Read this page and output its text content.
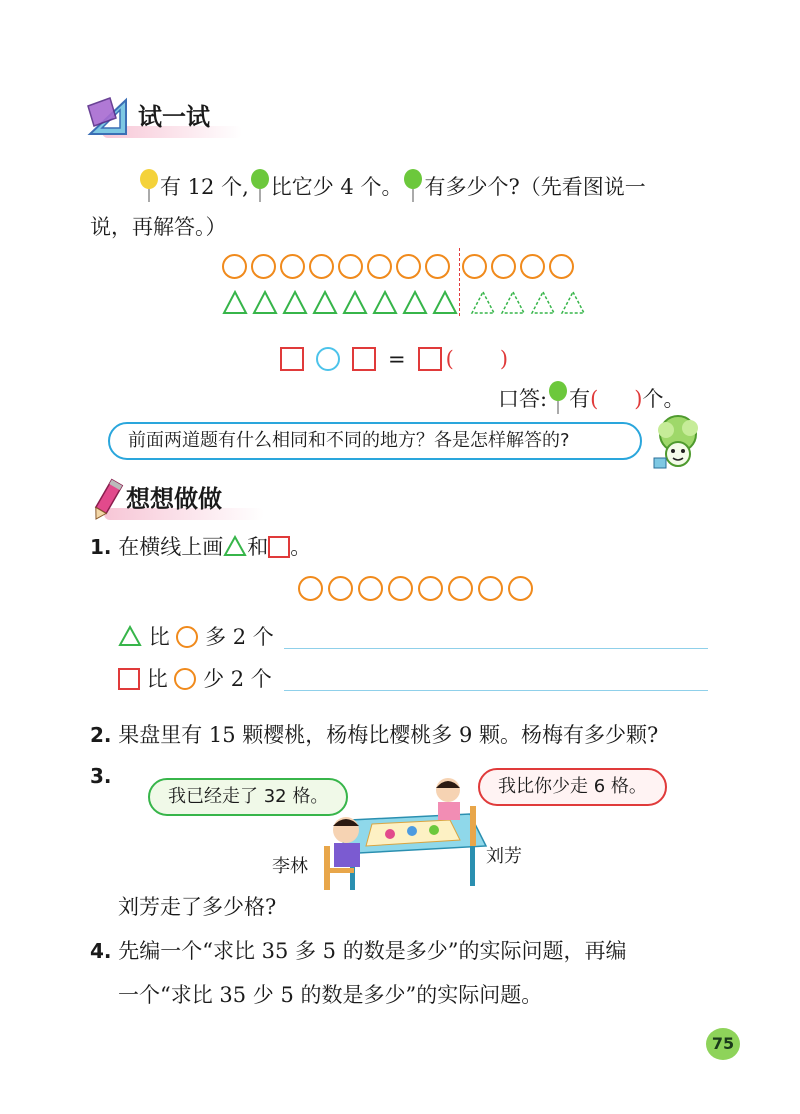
试一试
有 12 个, 比它少 4 个。 有多少个?（先看图说一
说，再解答。）
= ( )
口答: 有( )个。
前面两道题有什么相同和不同的地方？各是怎样解答的?
想想做做
1. 在横线上画 和 。
比 多 2 个
比 少 2 个
2. 果盘里有 15 颗樱桃，杨梅比樱桃多 9 颗。杨梅有多少颗?
3.
我已经走了 32 格。	我比你少走 6 格。
李林	刘芳
刘芳走了多少格?
4. 先编一个“求比 35 多 5 的数是多少”的实际问题，再编
一个“求比 35 少 5 的数是多少”的实际问题。
75
